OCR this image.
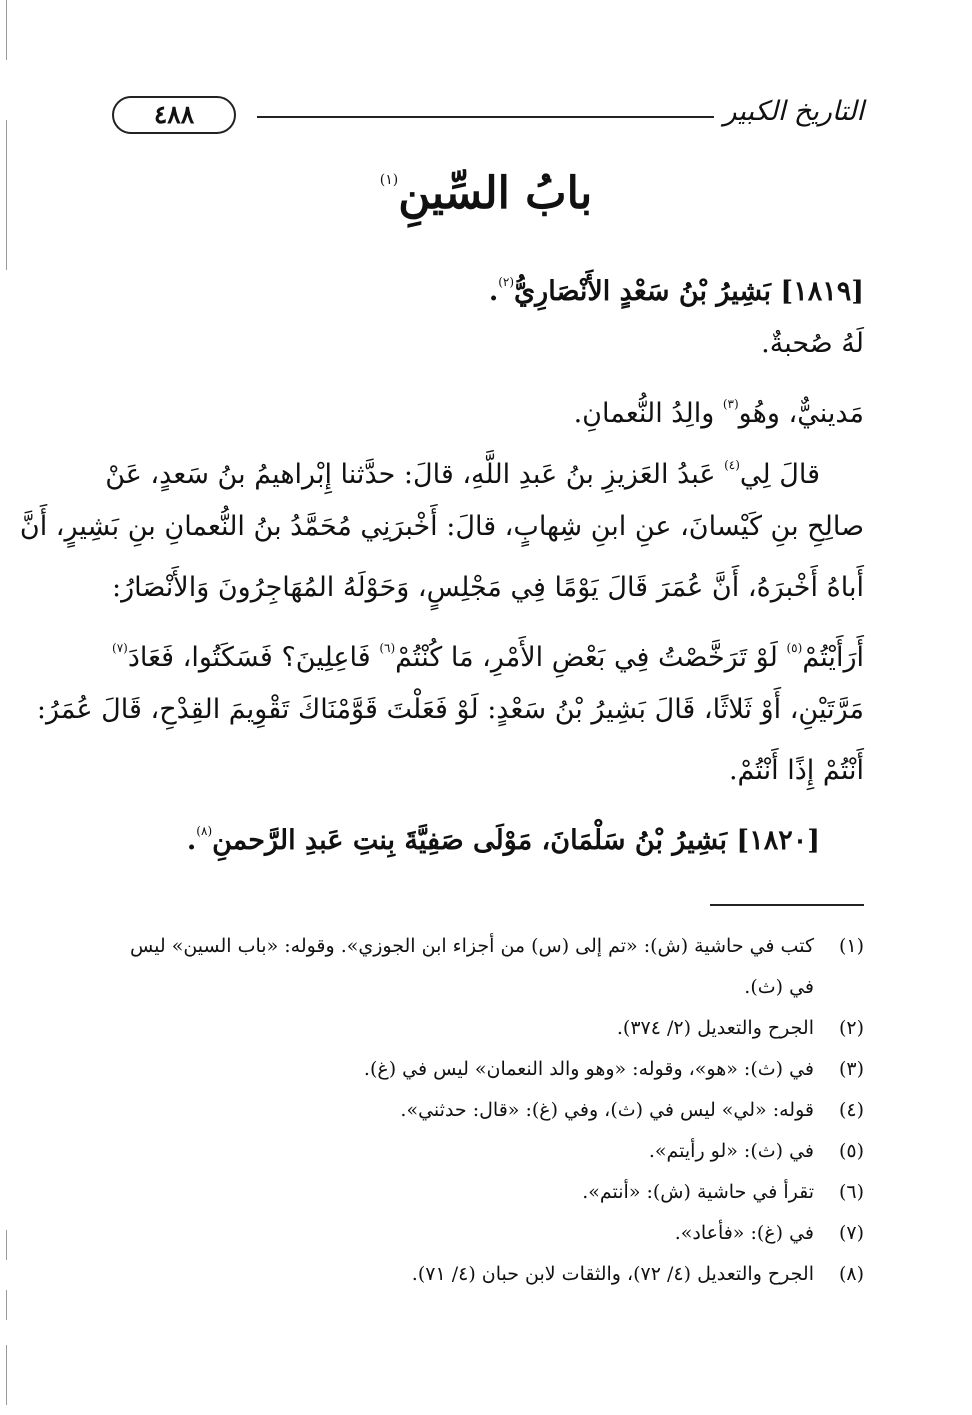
التاريخ الكبير
٤٨٨
بابُ السِّينِ$^{(١)}$
[١٨١٩] بَشِيرُ بْنُ سَعْدٍ الأَنْصَارِيُّ$^{(٢)}$.
لَهُ صُحبةٌ.
مَدينيٌّ، وهُو$^{(٣)}$ والِدُ النُّعمانِ.
قالَ لِي$^{(٤)}$ عَبدُ العَزيزِ بنُ عَبدِ اللَّهِ، قالَ: حدَّثنا إِبْراهيمُ بنُ سَعدٍ، عَنْ
صالِحِ بنِ كَيْسانَ، عنِ ابنِ شِهابٍ، قالَ: أَخْبرَنِي مُحَمَّدُ بنُ النُّعمانِ بنِ بَشِيرٍ، أَنَّ
أَباهُ أَخْبرَهُ، أَنَّ عُمَرَ قَالَ يَوْمًا فِي مَجْلِسٍ، وَحَوْلَهُ المُهَاجِرُونَ وَالأَنْصَارُ:
أَرَأَيْتُمْ$^{(٥)}$ لَوْ تَرَخَّصْتُ فِي بَعْضِ الأَمْرِ، مَا كُنْتُمْ$^{(٦)}$ فَاعِلِينَ؟ فَسَكَتُوا، فَعَادَ$^{(٧)}$
مَرَّتَيْنِ، أَوْ ثَلاثًا، قَالَ بَشِيرُ بْنُ سَعْدٍ: لَوْ فَعَلْتَ قَوَّمْنَاكَ تَقْوِيمَ القِدْحِ، قَالَ عُمَرُ:
أَنْتُمْ إِذًا أَنْتُمْ.
[١٨٢٠] بَشِيرُ بْنُ سَلْمَانَ، مَوْلَى صَفِيَّةَ بِنتِ عَبدِ الرَّحمنِ$^{(٨)}$.
(١)
كتب في حاشية (ش): «تم إلى (س) من أجزاء ابن الجوزي». وقوله: «باب السين» ليس
في (ث).
(٢)
الجرح والتعديل (٢/ ٣٧٤).
(٣)
في (ث): «هو»، وقوله: «وهو والد النعمان» ليس في (غ).
(٤)
قوله: «لي» ليس في (ث)، وفي (غ): «قال: حدثني».
(٥)
في (ث): «لو رأيتم».
(٦)
تقرأ في حاشية (ش): «أنتم».
(٧)
في (غ): «فأعاد».
(٨)
الجرح والتعديل (٤/ ٧٢)، والثقات لابن حبان (٤/ ٧١).
